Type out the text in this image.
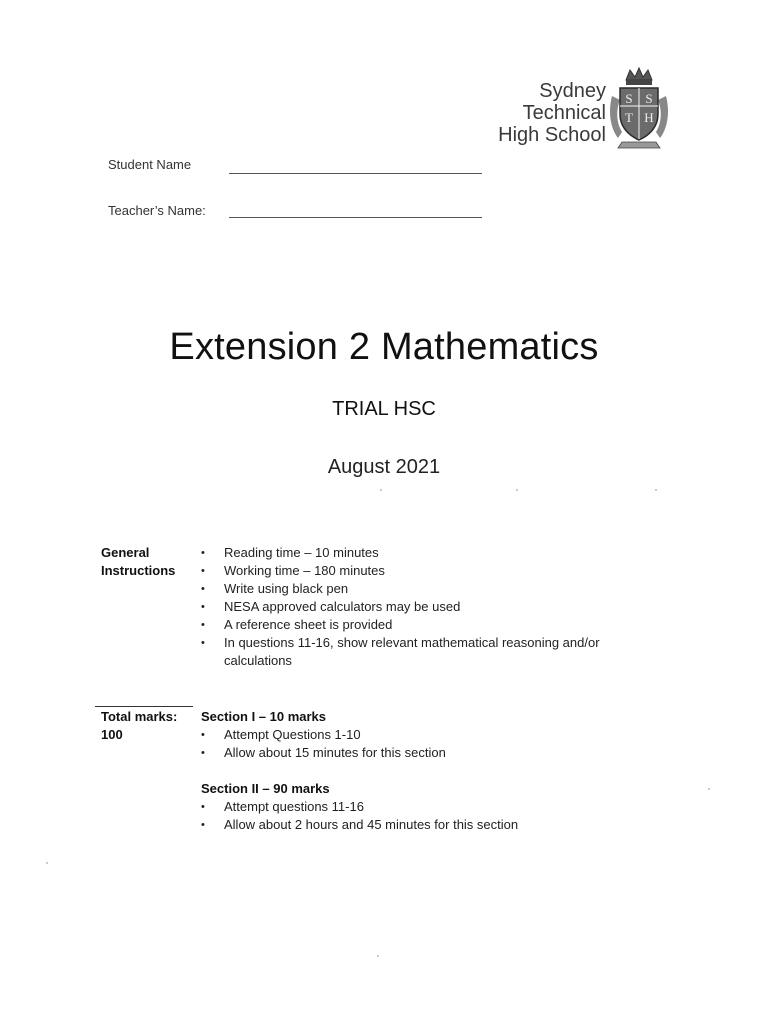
Sydney
Technical
High School
S S
T H
Student Name
Teacher’s Name:
Extension 2 Mathematics
TRIAL HSC
August 2021
General
Instructions
• Reading time – 10 minutes
• Working time – 180 minutes
• Write using black pen
• NESA approved calculators may be used
• A reference sheet is provided
• In questions 11-16, show relevant mathematical reasoning and/or calculations
Total marks:
100
Section I – 10 marks
• Attempt Questions 1-10
• Allow about 15 minutes for this section
Section II – 90 marks
• Attempt questions 11-16
• Allow about 2 hours and 45 minutes for this section
